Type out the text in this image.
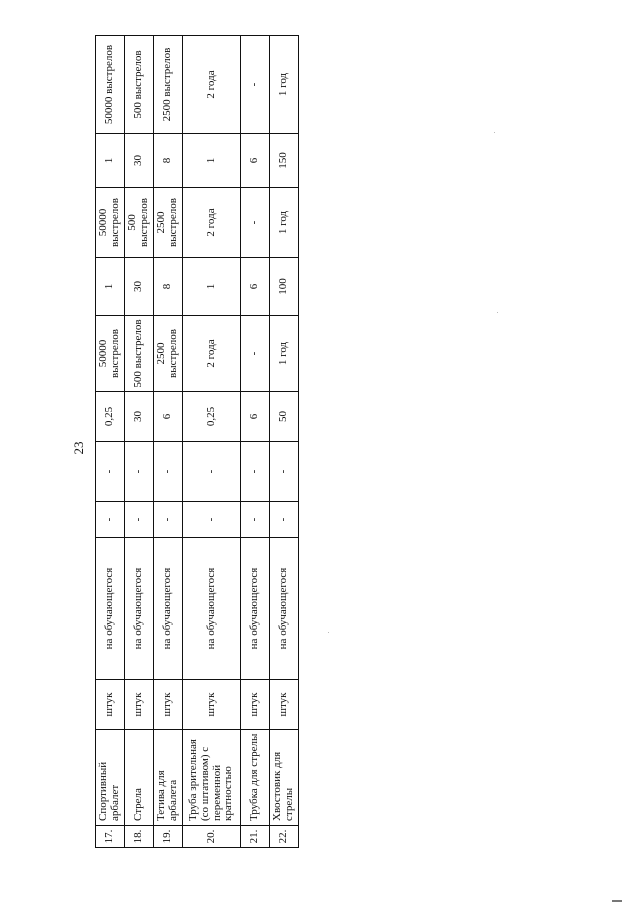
23
17.	Спортивный арбалет	штук	на обучающегося	-	-	0,25	50000 выстрелов	1	50000 выстрелов	1	50000 выстрелов
18.	Стрела	штук	на обучающегося	-	-	30	500 выстрелов	30	500 выстрелов	30	500 выстрелов
19.	Тетива для арбалета	штук	на обучающегося	-	-	6	2500 выстрелов	8	2500 выстрелов	8	2500 выстрелов
20.	Труба зрительная (со штативом) с переменной кратностью	штук	на обучающегося	-	-	0,25	2 года	1	2 года	1	2 года
21.	Трубка для стрелы	штук	на обучающегося	-	-	6	-	6	-	6	-
22.	Хвостовик для стрелы	штук	на обучающегося	-	-	50	1 год	100	1 год	150	1 год
